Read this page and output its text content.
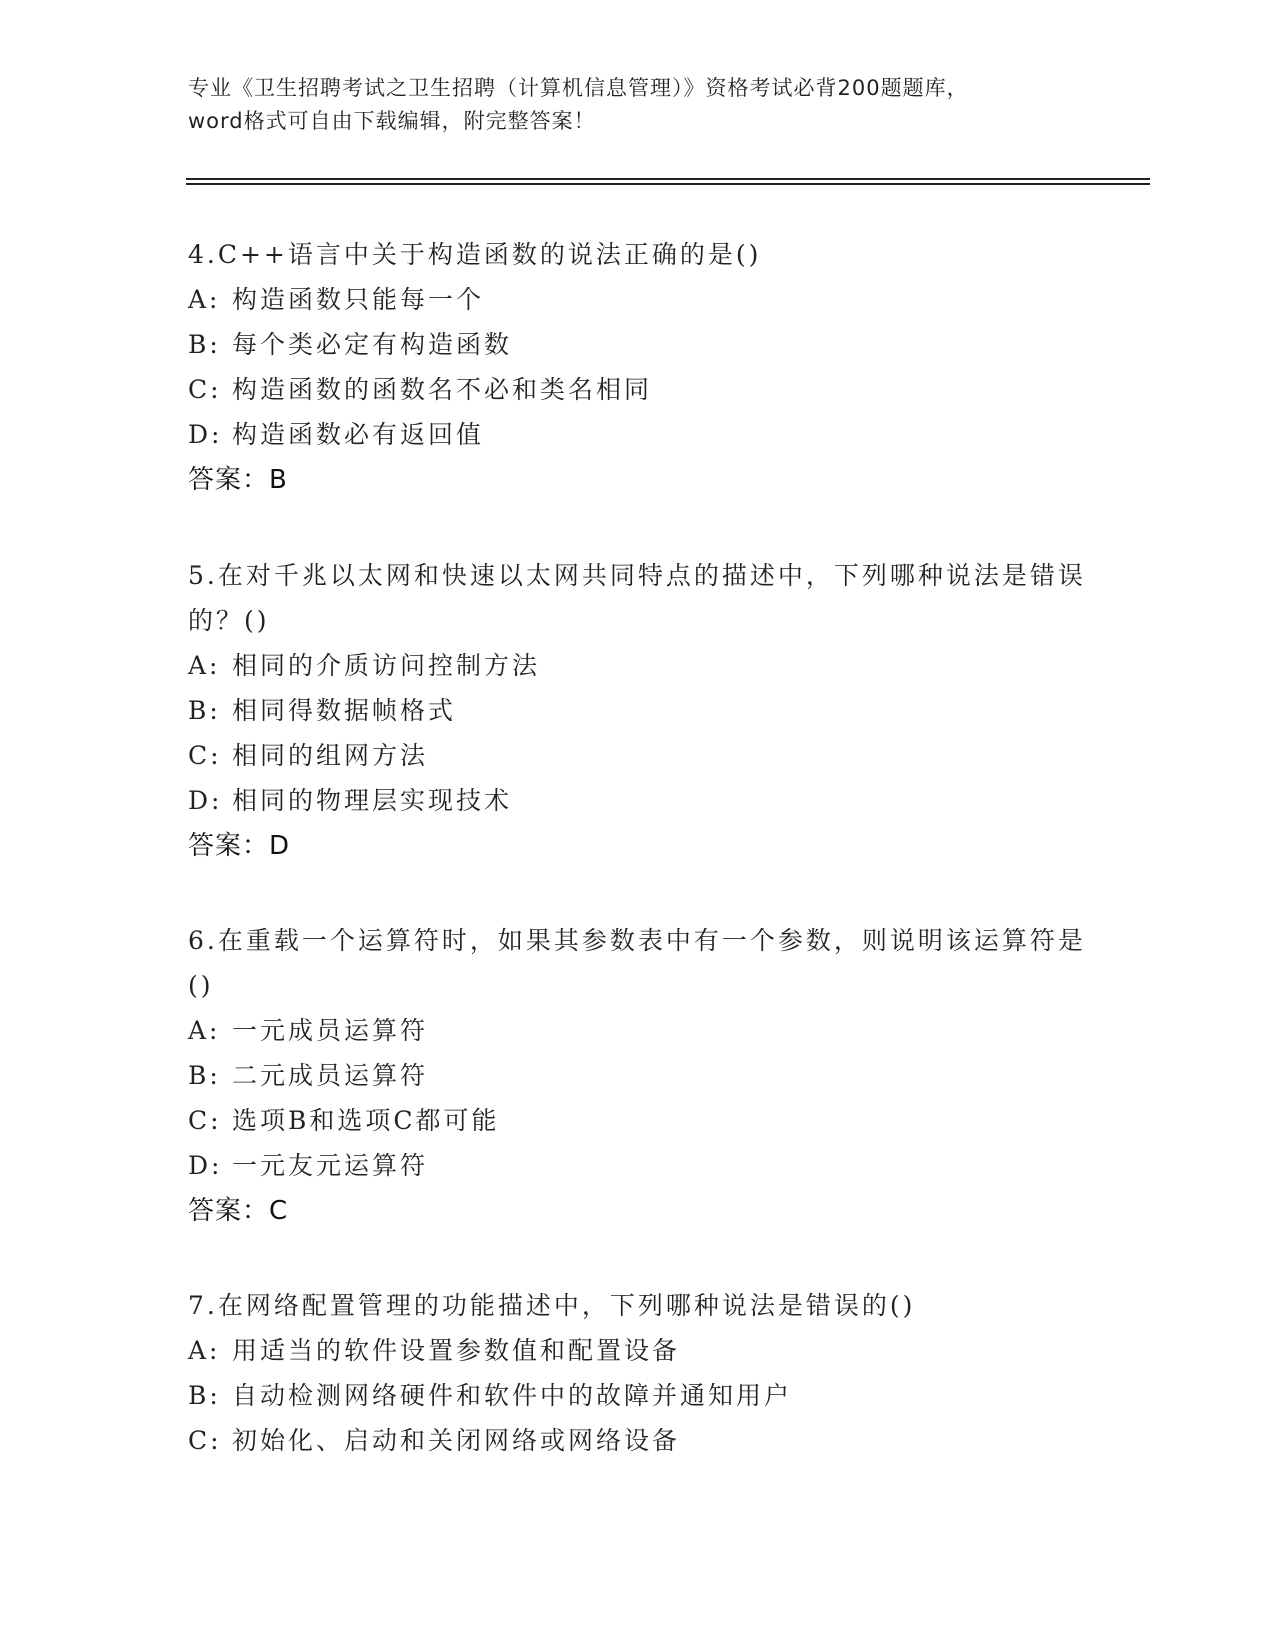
专业《卫生招聘考试之卫生招聘（计算机信息管理）》资格考试必背200题题库，
word格式可自由下载编辑，附完整答案！

4.C++语言中关于构造函数的说法正确的是()

A: 构造函数只能每一个

B: 每个类必定有构造函数

C: 构造函数的函数名不必和类名相同

D: 构造函数必有返回值

答案：B

5.在对千兆以太网和快速以太网共同特点的描述中，下列哪种说法是错误的？()

A: 相同的介质访问控制方法

B: 相同得数据帧格式

C: 相同的组网方法

D: 相同的物理层实现技术

答案：D

6.在重载一个运算符时，如果其参数表中有一个参数，则说明该运算符是()

A: 一元成员运算符

B: 二元成员运算符

C: 选项B和选项C都可能

D: 一元友元运算符

答案：C

7.在网络配置管理的功能描述中，下列哪种说法是错误的()

A: 用适当的软件设置参数值和配置设备

B: 自动检测网络硬件和软件中的故障并通知用户

C: 初始化、启动和关闭网络或网络设备
